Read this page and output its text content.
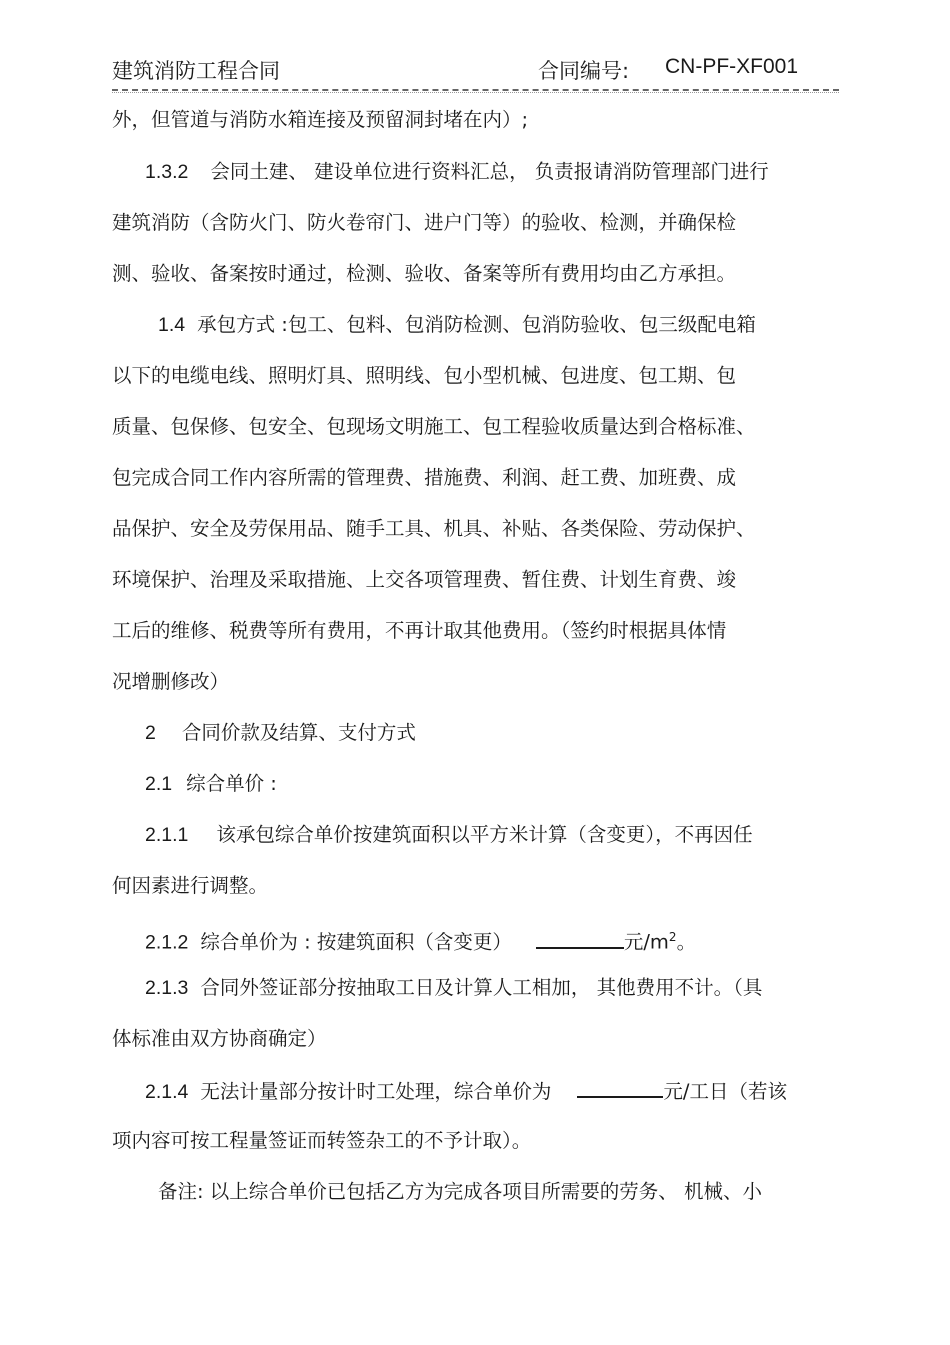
建筑消防工程合同	合同编号: CN-PF-XF001
外，但管道与消防水箱连接及预留洞封堵在内）;
1.3.2 会同土建、 建设单位进行资料汇总， 负责报请消防管理部门进行
建筑消防（含防火门、防火卷帘门、进户门等）的验收、检测，并确保检
测、验收、备案按时通过，检测、验收、备案等所有费用均由乙方承担。
1.4 承包方式 :包工、包料、包消防检测、包消防验收、包三级配电箱
以下的电缆电线、照明灯具、照明线、包小型机械、包进度、包工期、包
质量、包保修、包安全、包现场文明施工、包工程验收质量达到合格标准、
包完成合同工作内容所需的管理费、措施费、利润、赶工费、加班费、成
品保护、安全及劳保用品、随手工具、机具、补贴、各类保险、劳动保护、
环境保护、治理及采取措施、上交各项管理费、暂住费、计划生育费、竣
工后的维修、税费等所有费用，不再计取其他费用。（签约时根据具体情
况增删修改）
2 合同价款及结算、支付方式
2.1 综合单价 :
2.1.1 该承包综合单价按建筑面积以平方米计算（含变更），不再因任
何因素进行调整。
2.1.2 综合单价为 : 按建筑面积（含变更）	元$/m^2$。
2.1.3 合同外签证部分按抽取工日及计算人工相加， 其他费用不计。（具
体标准由双方协商确定）
2.1.4 无法计量部分按计时工处理，综合单价为	元/工日（若该
项内容可按工程量签证而转签杂工的不予计取）。
备注: 以上综合单价已包括乙方为完成各项目所需要的劳务、 机械、小
